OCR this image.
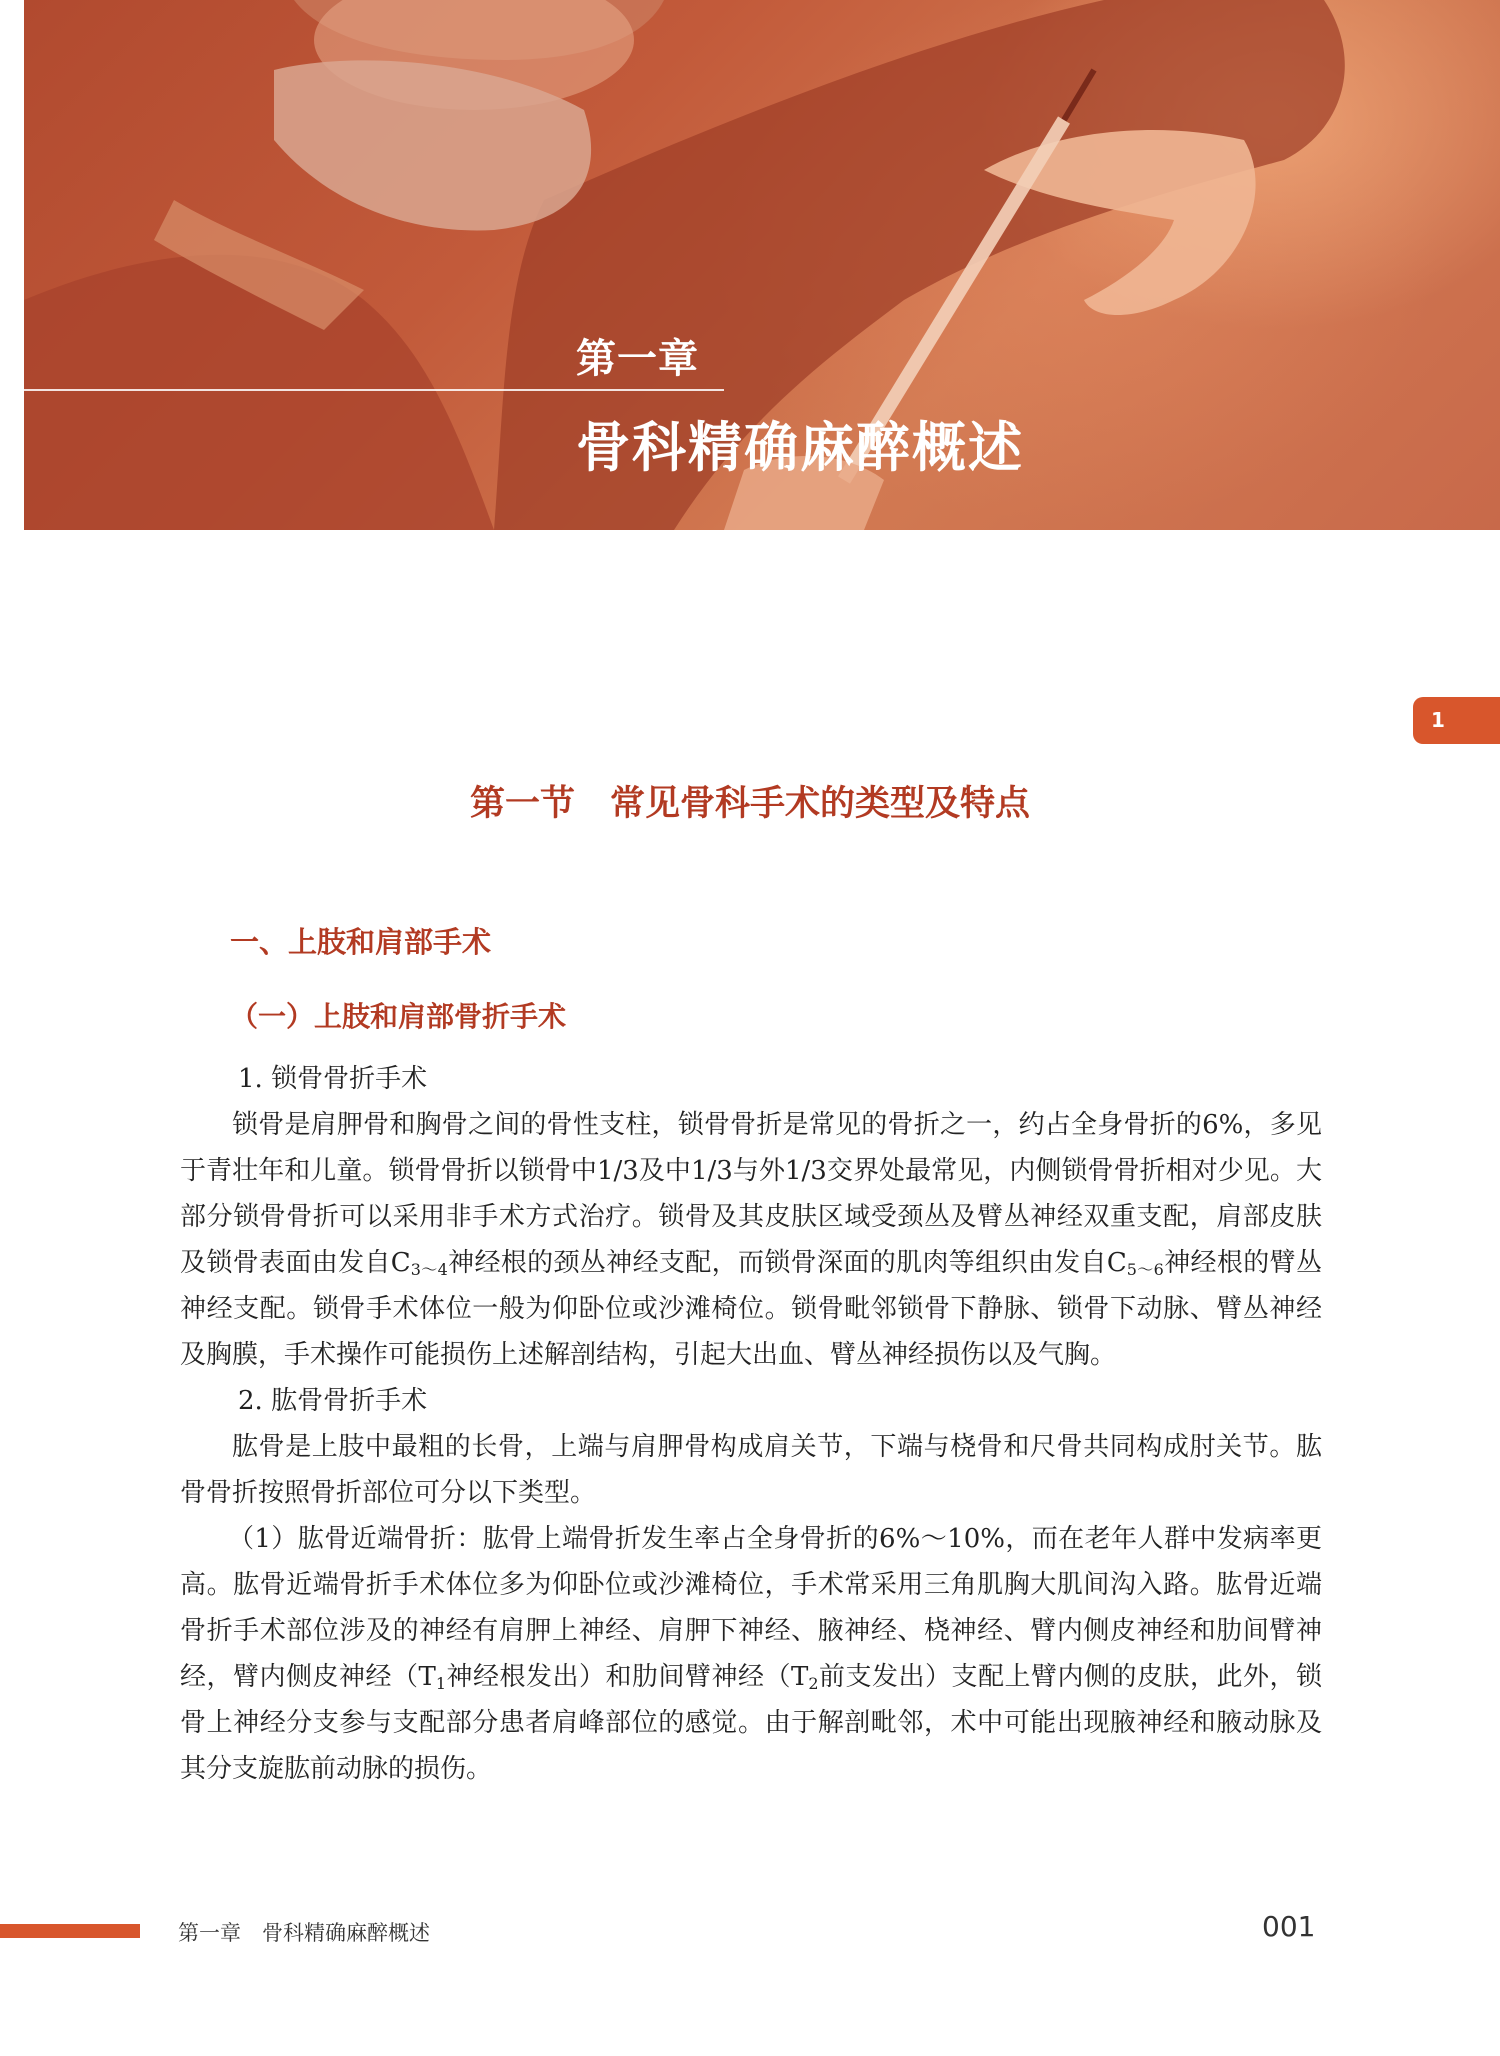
第一章
骨科精确麻醉概述
1
第一节　常见骨科手术的类型及特点
一、上肢和肩部手术
（一）上肢和肩部骨折手术
1. 锁骨骨折手术

锁骨是肩胛骨和胸骨之间的骨性支柱，锁骨骨折是常见的骨折之一，约占全身骨折的6%，多见于青壮年和儿童。锁骨骨折以锁骨中1/3及中1/3与外1/3交界处最常见，内侧锁骨骨折相对少见。大部分锁骨骨折可以采用非手术方式治疗。锁骨及其皮肤区域受颈丛及臂丛神经双重支配，肩部皮肤及锁骨表面由发自$C_{3\sim 4}$神经根的颈丛神经支配，而锁骨深面的肌肉等组织由发自$C_{5\sim 6}$神经根的臂丛神经支配。锁骨手术体位一般为仰卧位或沙滩椅位。锁骨毗邻锁骨下静脉、锁骨下动脉、臂丛神经及胸膜，手术操作可能损伤上述解剖结构，引起大出血、臂丛神经损伤以及气胸。

2. 肱骨骨折手术

肱骨是上肢中最粗的长骨，上端与肩胛骨构成肩关节，下端与桡骨和尺骨共同构成肘关节。肱骨骨折按照骨折部位可分以下类型。

（1）肱骨近端骨折：肱骨上端骨折发生率占全身骨折的6%～10%，而在老年人群中发病率更高。肱骨近端骨折手术体位多为仰卧位或沙滩椅位，手术常采用三角肌胸大肌间沟入路。肱骨近端骨折手术部位涉及的神经有肩胛上神经、肩胛下神经、腋神经、桡神经、臂内侧皮神经和肋间臂神经，臂内侧皮神经（$T_1$神经根发出）和肋间臂神经（$T_2$前支发出）支配上臂内侧的皮肤，此外，锁骨上神经分支参与支配部分患者肩峰部位的感觉。由于解剖毗邻，术中可能出现腋神经和腋动脉及其分支旋肱前动脉的损伤。

第一章　骨科精确麻醉概述	001
